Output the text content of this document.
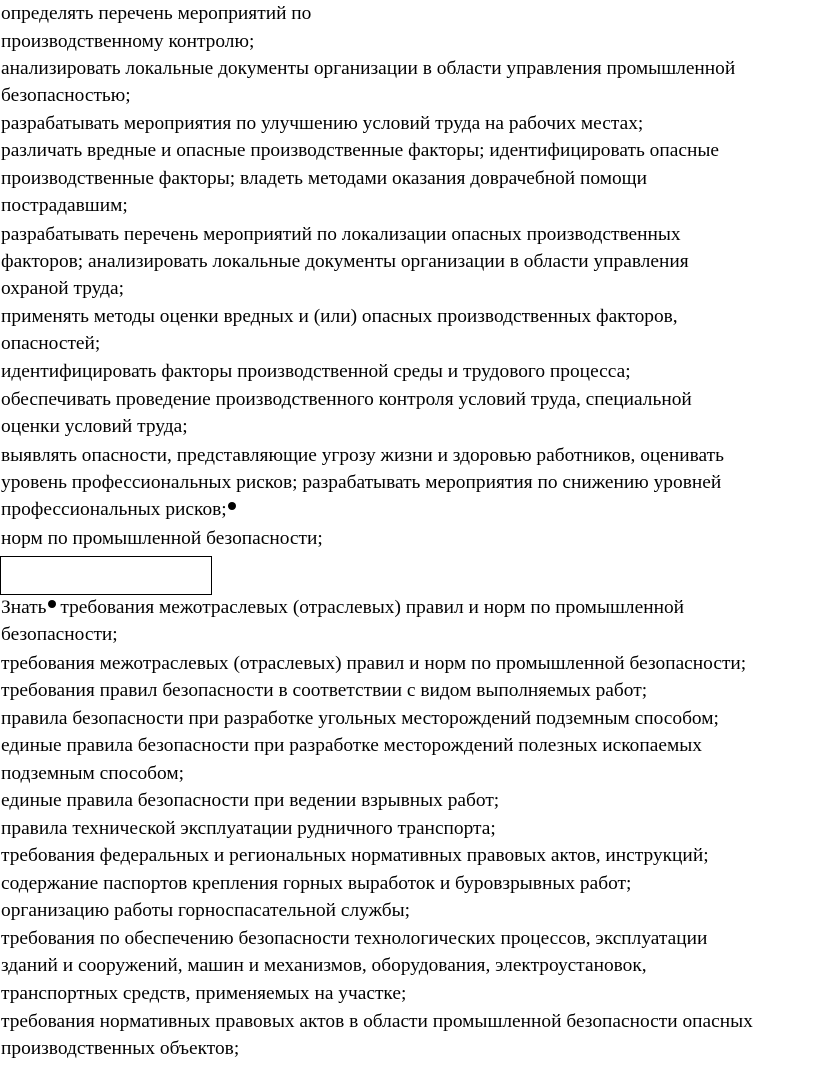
определять перечень мероприятий по
производственному контролю;
анализировать локальные документы организации в области управления промышленной
безопасностью;
разрабатывать мероприятия по улучшению условий труда на рабочих местах;
различать вредные и опасные производственные факторы; идентифицировать опасные
производственные факторы; владеть методами оказания доврачебной помощи
пострадавшим;
разрабатывать перечень мероприятий по локализации опасных производственных
факторов; анализировать локальные документы организации в области управления
охраной труда;
применять методы оценки вредных и (или) опасных производственных факторов,
опасностей;
идентифицировать факторы производственной среды и трудового процесса;
обеспечивать проведение производственного контроля условий труда, специальной
оценки условий труда;
выявлять опасности, представляющие угрозу жизни и здоровью работников, оценивать
уровень профессиональных рисков; разрабатывать мероприятия по снижению уровней
профессиональных рисков;
норм по промышленной безопасности;
Знать требования межотраслевых (отраслевых) правил и норм по промышленной
безопасности;
требования межотраслевых (отраслевых) правил и норм по промышленной безопасности;
требования правил безопасности в соответствии с видом выполняемых работ;
правила безопасности при разработке угольных месторождений подземным способом;
единые правила безопасности при разработке месторождений полезных ископаемых
подземным способом;
единые правила безопасности при ведении взрывных работ;
правила технической эксплуатации рудничного транспорта;
требования федеральных и региональных нормативных правовых актов, инструкций;
содержание паспортов крепления горных выработок и буровзрывных работ;
организацию работы горноспасательной службы;
требования по обеспечению безопасности технологических процессов, эксплуатации
зданий и сооружений, машин и механизмов, оборудования, электроустановок,
транспортных средств, применяемых на участке;
требования нормативных правовых актов в области промышленной безопасности опасных
производственных объектов;
